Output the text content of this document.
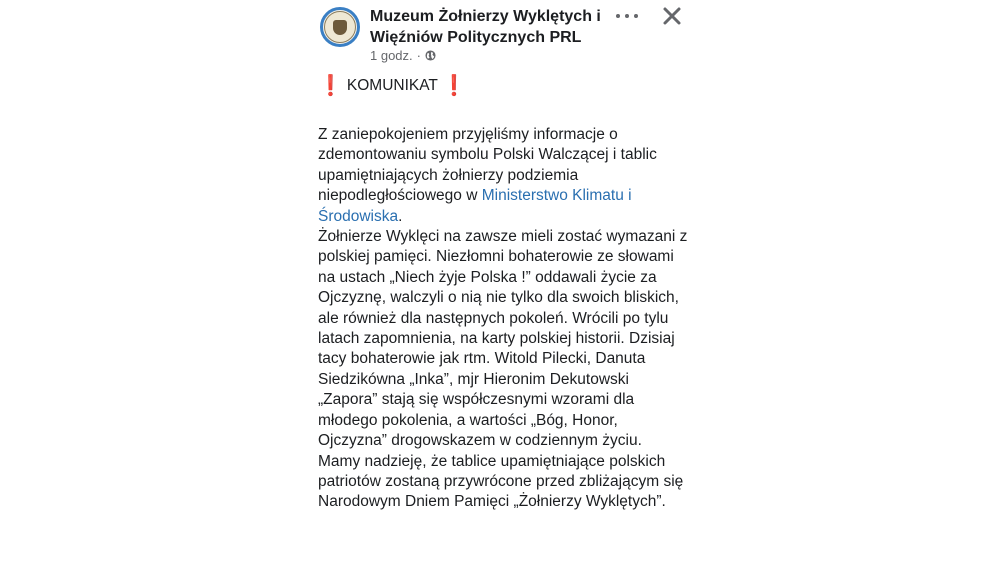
Muzeum Żołnierzy Wyklętych i Więźniów Politycznych PRL
1 godz. ·
❗ KOMUNIKAT ❗

Z zaniepokojeniem przyjęliśmy informacje o zdemontowaniu symbolu Polski Walczącej i tablic upamiętniających żołnierzy podziemia niepodległościowego w Ministerstwo Klimatu i Środowiska.

Żołnierze Wyklęci na zawsze mieli zostać wymazani z polskiej pamięci. Niezłomni bohaterowie ze słowami na ustach „Niech żyje Polska !” oddawali życie za Ojczyznę, walczyli o nią nie tylko dla swoich bliskich, ale również dla następnych pokoleń. Wrócili po tylu latach zapomnienia, na karty polskiej historii. Dzisiaj tacy bohaterowie jak rtm. Witold Pilecki, Danuta Siedzikówna „Inka”, mjr Hieronim Dekutowski „Zapora” stają się współczesnymi wzorami dla młodego pokolenia, a wartości „Bóg, Honor, Ojczyzna” drogowskazem w codziennym życiu.

Mamy nadzieję, że tablice upamiętniające polskich patriotów zostaną przywrócone przed zbliżającym się Narodowym Dniem Pamięci „Żołnierzy Wyklętych”.
